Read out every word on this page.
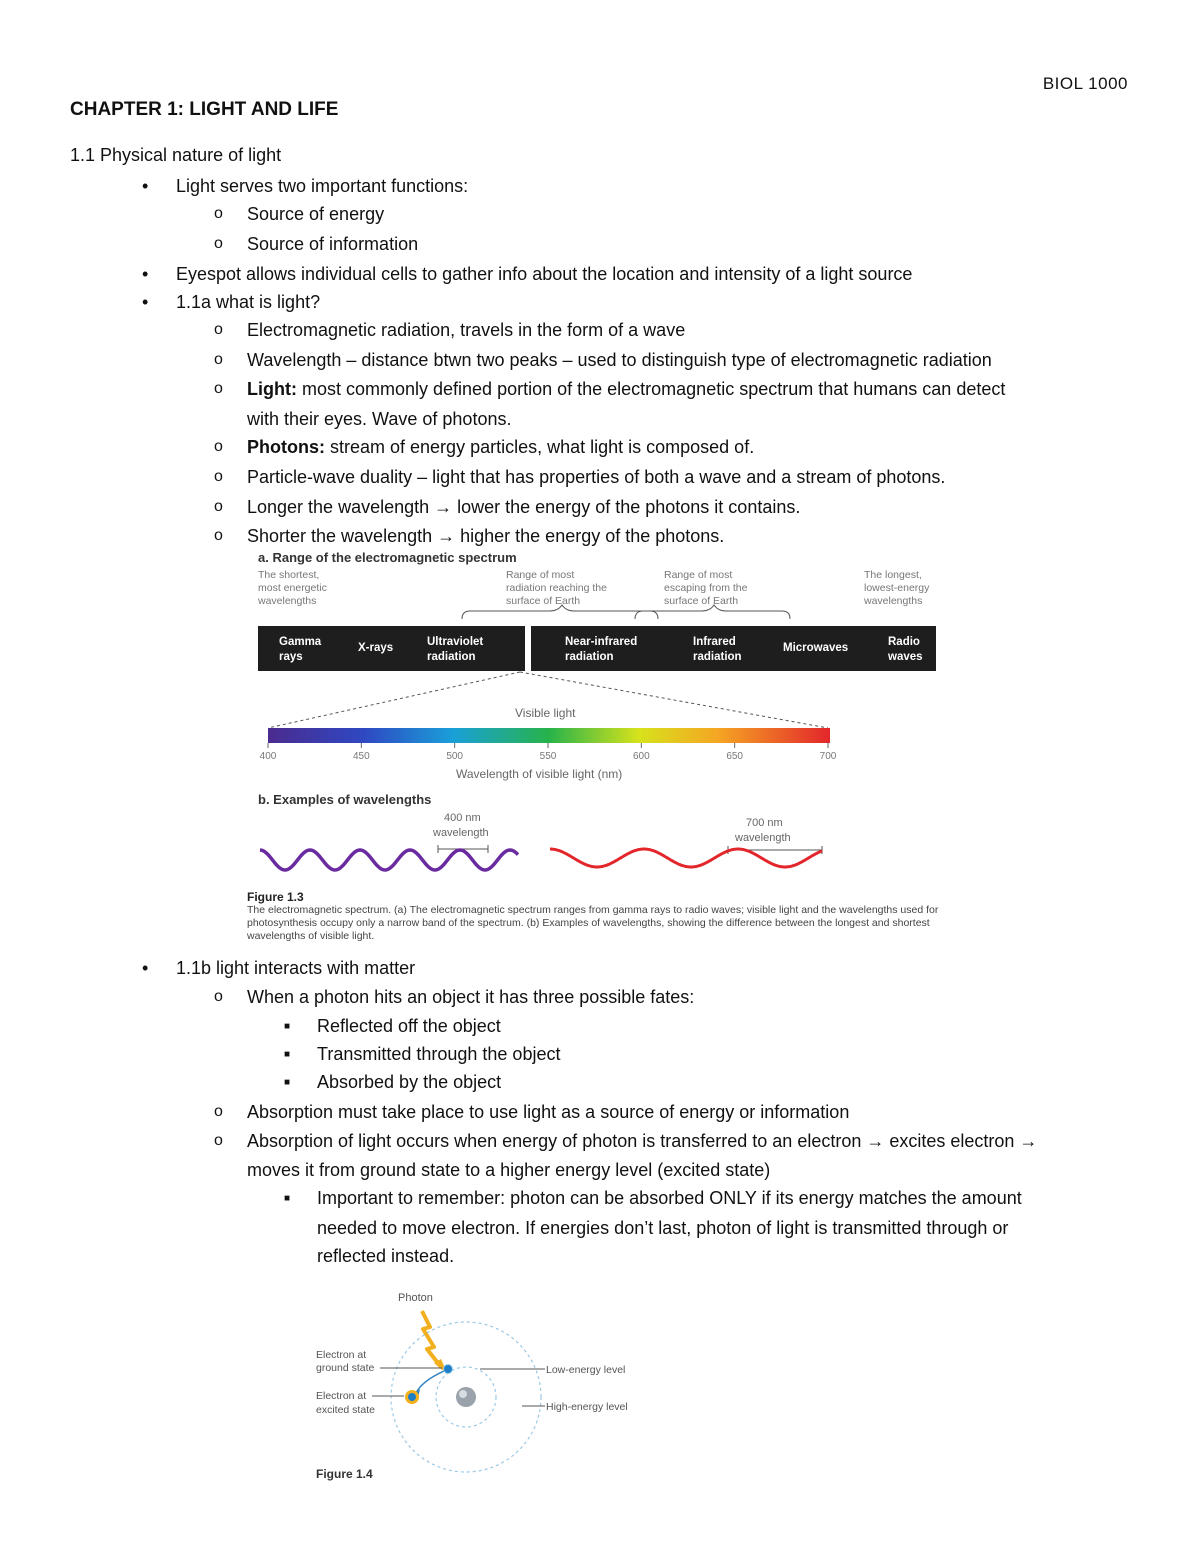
BIOL 1000
CHAPTER 1: LIGHT AND LIFE
1.1 Physical nature of light
• Light serves two important functions:
o Source of energy
o Source of information
• Eyespot allows individual cells to gather info about the location and intensity of a light source
• 1.1a what is light?
o Electromagnetic radiation, travels in the form of a wave
o Wavelength – distance btwn two peaks – used to distinguish type of electromagnetic radiation
o Light: most commonly defined portion of the electromagnetic spectrum that humans can detect
with their eyes. Wave of photons.
o Photons: stream of energy particles, what light is composed of.
o Particle-wave duality – light that has properties of both a wave and a stream of photons.
o Longer the wavelength → lower the energy of the photons it contains.
o Shorter the wavelength → higher the energy of the photons.
a. Range of the electromagnetic spectrum
The shortest,
most energetic
wavelengths
Range of most
radiation reaching the
surface of Earth
Range of most
escaping from the
surface of Earth
The longest,
lowest-energy
wavelengths
Gamma
rays
X-rays	Ultraviolet
radiation
Near-infrared
radiation
Infrared
radiation
Microwaves	Radio
waves
Visible light
400	450	500	550	600	650	700
Wavelength of visible light (nm)
b. Examples of wavelengths
400 nm
wavelength
700 nm
wavelength
Figure 1.3
The electromagnetic spectrum. (a) The electromagnetic spectrum ranges from gamma rays to radio waves; visible light and the wavelengths used for photosynthesis occupy only a narrow band of the spectrum. (b) Examples of wavelengths, showing the difference between the longest and shortest wavelengths of visible light.
• 1.1b light interacts with matter
o When a photon hits an object it has three possible fates:
■ Reflected off the object
■ Transmitted through the object
■ Absorbed by the object
o Absorption must take place to use light as a source of energy or information
o Absorption of light occurs when energy of photon is transferred to an electron → excites electron →
moves it from ground state to a higher energy level (excited state)
■ Important to remember: photon can be absorbed ONLY if its energy matches the amount
needed to move electron. If energies don’t last, photon of light is transmitted through or
reflected instead.
Photon
Electron at
ground state
Electron at
excited state
Low-energy level
High-energy level
Figure 1.4
